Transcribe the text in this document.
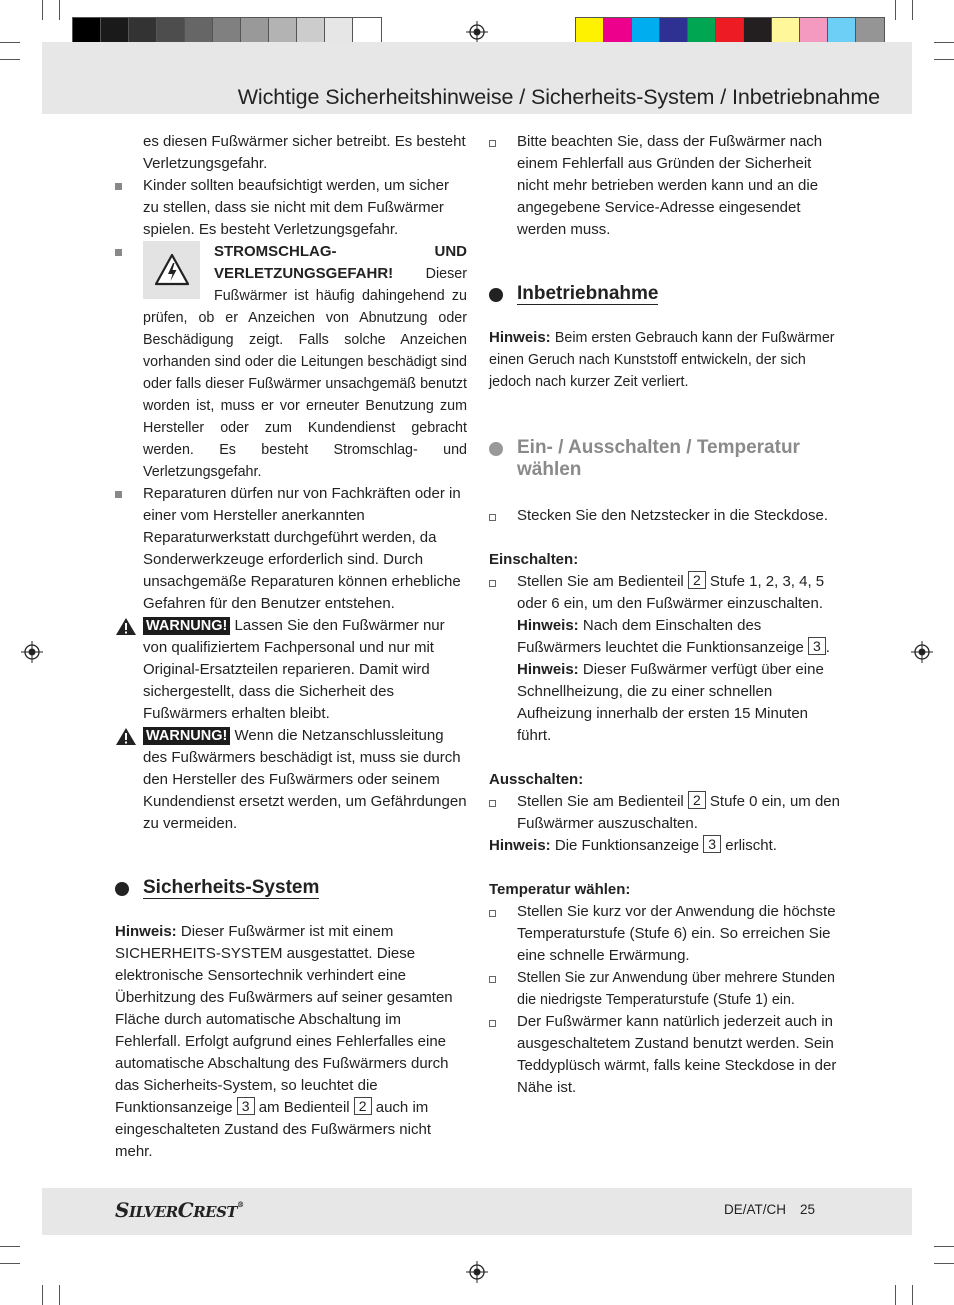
Wichtige Sicherheitshinweise / Sicherheits-System / Inbetriebnahme
es diesen Fußwärmer sicher betreibt. Es besteht Verletzungsgefahr.
Kinder sollten beaufsichtigt werden, um sicher zu stellen, dass sie nicht mit dem Fußwärmer spielen. Es besteht Verletzungsgefahr.
STROMSCHLAG- UND VERLETZUNGSGEFAHR! Dieser Fußwärmer ist häufig dahingehend zu prüfen, ob er Anzeichen von Abnutzung oder Beschädigung zeigt. Falls solche Anzeichen vorhanden sind oder die Leitungen beschädigt sind oder falls dieser Fußwärmer unsachgemäß benutzt worden ist, muss er vor erneuter Benutzung zum Hersteller oder zum Kundendienst gebracht werden. Es besteht Stromschlag- und Verletzungsgefahr.
Reparaturen dürfen nur von Fachkräften oder in einer vom Hersteller anerkannten Reparaturwerkstatt durchgeführt werden, da Sonderwerkzeuge erforderlich sind. Durch unsachgemäße Reparaturen können erhebliche Gefahren für den Benutzer entstehen.
WARNUNG! Lassen Sie den Fußwärmer nur von qualifiziertem Fachpersonal und nur mit Original-Ersatzteilen reparieren. Damit wird sichergestellt, dass die Sicherheit des Fußwärmers erhalten bleibt.
WARNUNG! Wenn die Netzanschlussleitung des Fußwärmers beschädigt ist, muss sie durch den Hersteller des Fußwärmers oder seinem Kundendienst ersetzt werden, um Gefährdungen zu vermeiden.
Sicherheits-System
Hinweis: Dieser Fußwärmer ist mit einem SICHERHEITS-SYSTEM ausgestattet. Diese elektronische Sensortechnik verhindert eine Überhitzung des Fußwärmers auf seiner gesamten Fläche durch automatische Abschaltung im Fehlerfall. Erfolgt aufgrund eines Fehlerfalles eine automatische Abschaltung des Fußwärmers durch das Sicherheits-System, so leuchtet die Funktionsanzeige 3 am Bedienteil 2 auch im eingeschalteten Zustand des Fußwärmers nicht mehr.
Bitte beachten Sie, dass der Fußwärmer nach einem Fehlerfall aus Gründen der Sicherheit nicht mehr betrieben werden kann und an die angegebene Service-Adresse eingesendet werden muss.
Inbetriebnahme
Hinweis: Beim ersten Gebrauch kann der Fußwärmer einen Geruch nach Kunststoff entwickeln, der sich jedoch nach kurzer Zeit verliert.
Ein- / Ausschalten / Temperatur wählen
Stecken Sie den Netzstecker in die Steckdose.
Einschalten:
Stellen Sie am Bedienteil 2 Stufe 1, 2, 3, 4, 5 oder 6 ein, um den Fußwärmer einzuschalten.
Hinweis: Nach dem Einschalten des Fußwärmers leuchtet die Funktionsanzeige 3 .
Hinweis: Dieser Fußwärmer verfügt über eine Schnellheizung, die zu einer schnellen Aufheizung innerhalb der ersten 15 Minuten führt.
Ausschalten:
Stellen Sie am Bedienteil 2 Stufe 0 ein, um den Fußwärmer auszuschalten.
Hinweis: Die Funktionsanzeige 3 erlischt.
Temperatur wählen:
Stellen Sie kurz vor der Anwendung die höchste Temperaturstufe (Stufe 6) ein. So erreichen Sie eine schnelle Erwärmung.
Stellen Sie zur Anwendung über mehrere Stunden die niedrigste Temperaturstufe (Stufe 1) ein.
Der Fußwärmer kann natürlich jederzeit auch in ausgeschaltetem Zustand benutzt werden. Sein Teddyplüsch wärmt, falls keine Steckdose in der Nähe ist.
SILVERCREST®	DE/AT/CH 25
